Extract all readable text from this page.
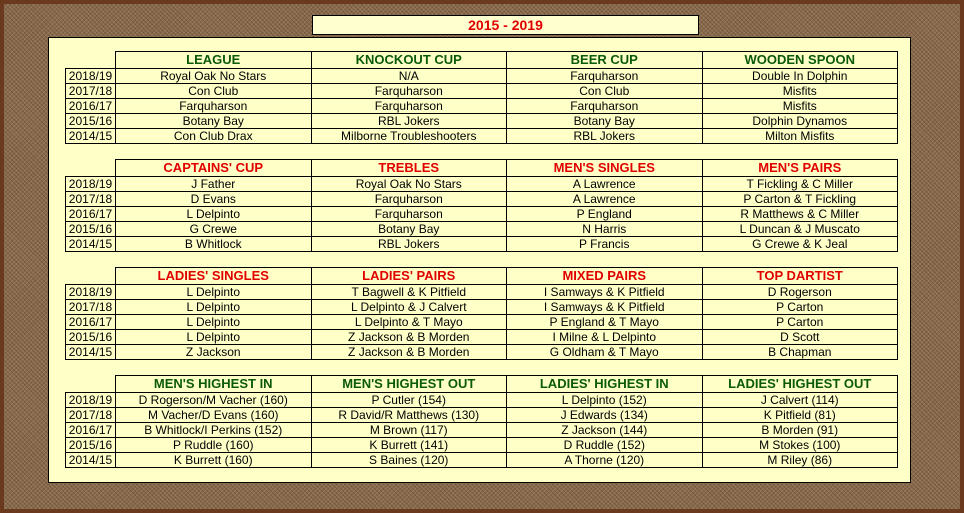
2015 - 2019
	LEAGUE	KNOCKOUT CUP	BEER CUP	WOODEN SPOON
2018/19	Royal Oak No Stars	N/A	Farquharson	Double In Dolphin
2017/18	Con Club	Farquharson	Con Club	Misfits
2016/17	Farquharson	Farquharson	Farquharson	Misfits
2015/16	Botany Bay	RBL Jokers	Botany Bay	Dolphin Dynamos
2014/15	Con Club Drax	Milborne Troubleshooters	RBL Jokers	Milton Misfits
	CAPTAINS' CUP	TREBLES	MEN'S SINGLES	MEN'S PAIRS
2018/19	J Father	Royal Oak No Stars	A Lawrence	T Fickling & C Miller
2017/18	D Evans	Farquharson	A Lawrence	P Carton & T Fickling
2016/17	L Delpinto	Farquharson	P England	R Matthews & C Miller
2015/16	G Crewe	Botany Bay	N Harris	L Duncan & J Muscato
2014/15	B Whitlock	RBL Jokers	P Francis	G Crewe & K Jeal
	LADIES' SINGLES	LADIES' PAIRS	MIXED PAIRS	TOP DARTIST
2018/19	L Delpinto	T Bagwell & K Pitfield	I Samways & K Pitfield	D Rogerson
2017/18	L Delpinto	L Delpinto & J Calvert	I Samways & K Pitfield	P Carton
2016/17	L Delpinto	L Delpinto & T Mayo	P England & T Mayo	P Carton
2015/16	L Delpinto	Z Jackson & B Morden	I Milne & L Delpinto	D Scott
2014/15	Z Jackson	Z Jackson & B Morden	G Oldham & T Mayo	B Chapman
	MEN'S HIGHEST IN	MEN'S HIGHEST OUT	LADIES' HIGHEST IN	LADIES' HIGHEST OUT
2018/19	D Rogerson/M Vacher (160)	P Cutler (154)	L Delpinto (152)	J Calvert (114)
2017/18	M Vacher/D Evans (160)	R David/R Matthews (130)	J Edwards (134)	K Pitfield (81)
2016/17	B Whitlock/I Perkins (152)	M Brown (117)	Z Jackson (144)	B Morden (91)
2015/16	P Ruddle (160)	K Burrett (141)	D Ruddle (152)	M Stokes (100)
2014/15	K Burrett (160)	S Baines (120)	A Thorne (120)	M Riley (86)
